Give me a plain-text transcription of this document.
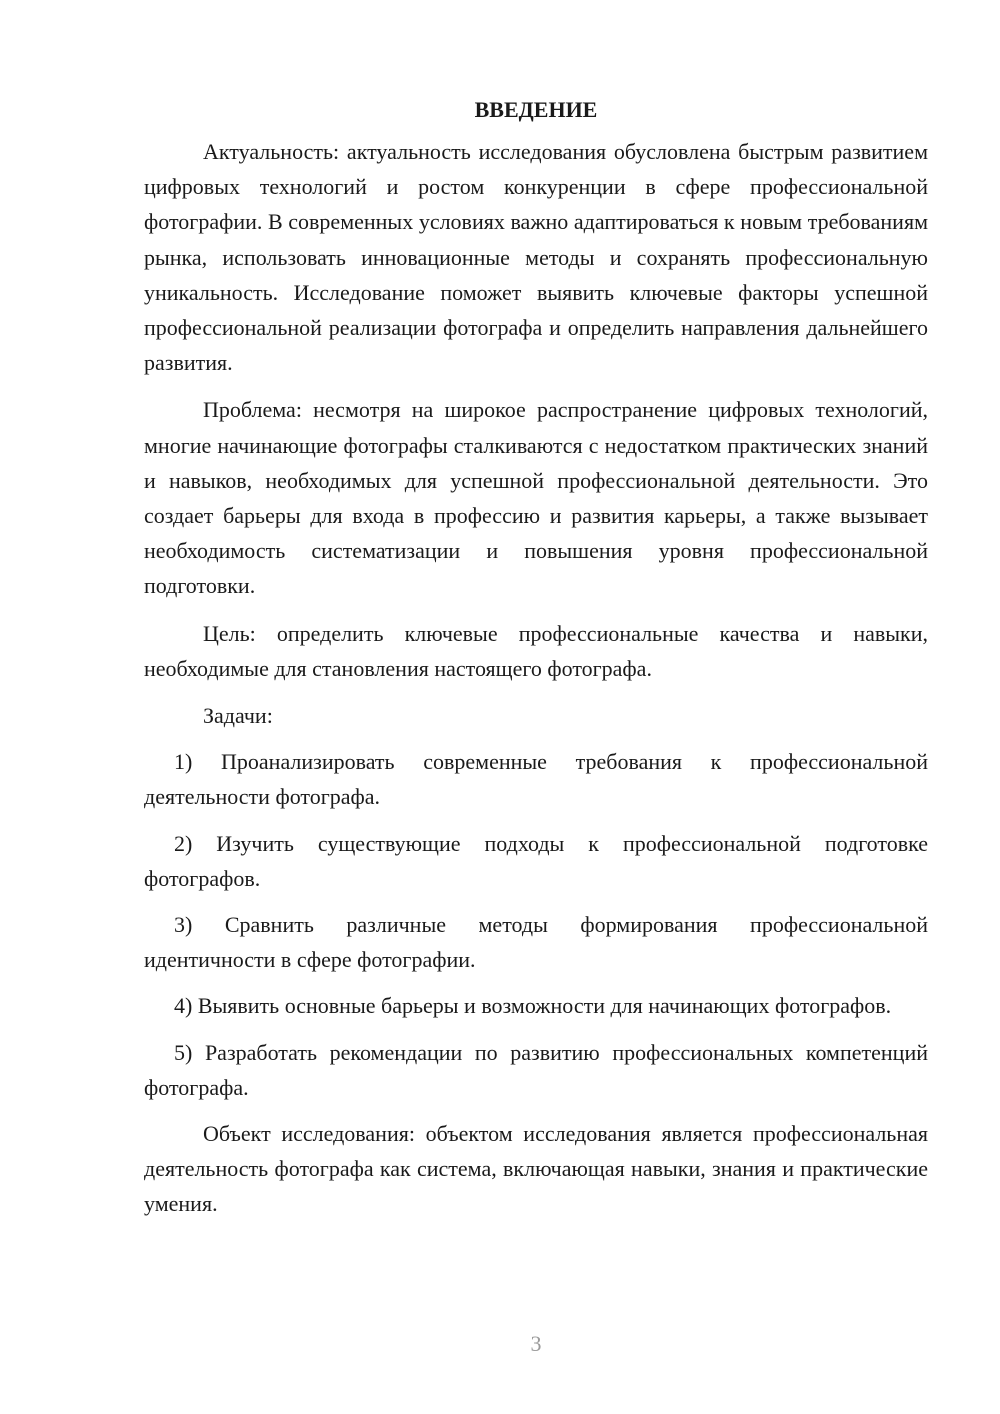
ВВЕДЕНИЕ

Актуальность: актуальность исследования обусловлена быстрым развитием цифровых технологий и ростом конкуренции в сфере профессиональной фотографии. В современных условиях важно адаптироваться к новым требованиям рынка, использовать инновационные методы и сохранять профессиональную уникальность. Исследование поможет выявить ключевые факторы успешной профессиональной реализации фотографа и определить направления дальнейшего развития.

Проблема: несмотря на широкое распространение цифровых технологий, многие начинающие фотографы сталкиваются с недостатком практических знаний и навыков, необходимых для успешной профессиональной деятельности. Это создает барьеры для входа в профессию и развития карьеры, а также вызывает необходимость систематизации и повышения уровня профессиональной подготовки.

Цель: определить ключевые профессиональные качества и навыки, необходимые для становления настоящего фотографа.

Задачи:

1) Проанализировать современные требования к профессиональной деятельности фотографа.

2) Изучить существующие подходы к профессиональной подготовке фотографов.

3) Сравнить различные методы формирования профессиональной идентичности в сфере фотографии.

4) Выявить основные барьеры и возможности для начинающих фотографов.

5) Разработать рекомендации по развитию профессиональных компетенций фотографа.

Объект исследования: объектом исследования является профессиональная деятельность фотографа как система, включающая навыки, знания и практические умения.

3
